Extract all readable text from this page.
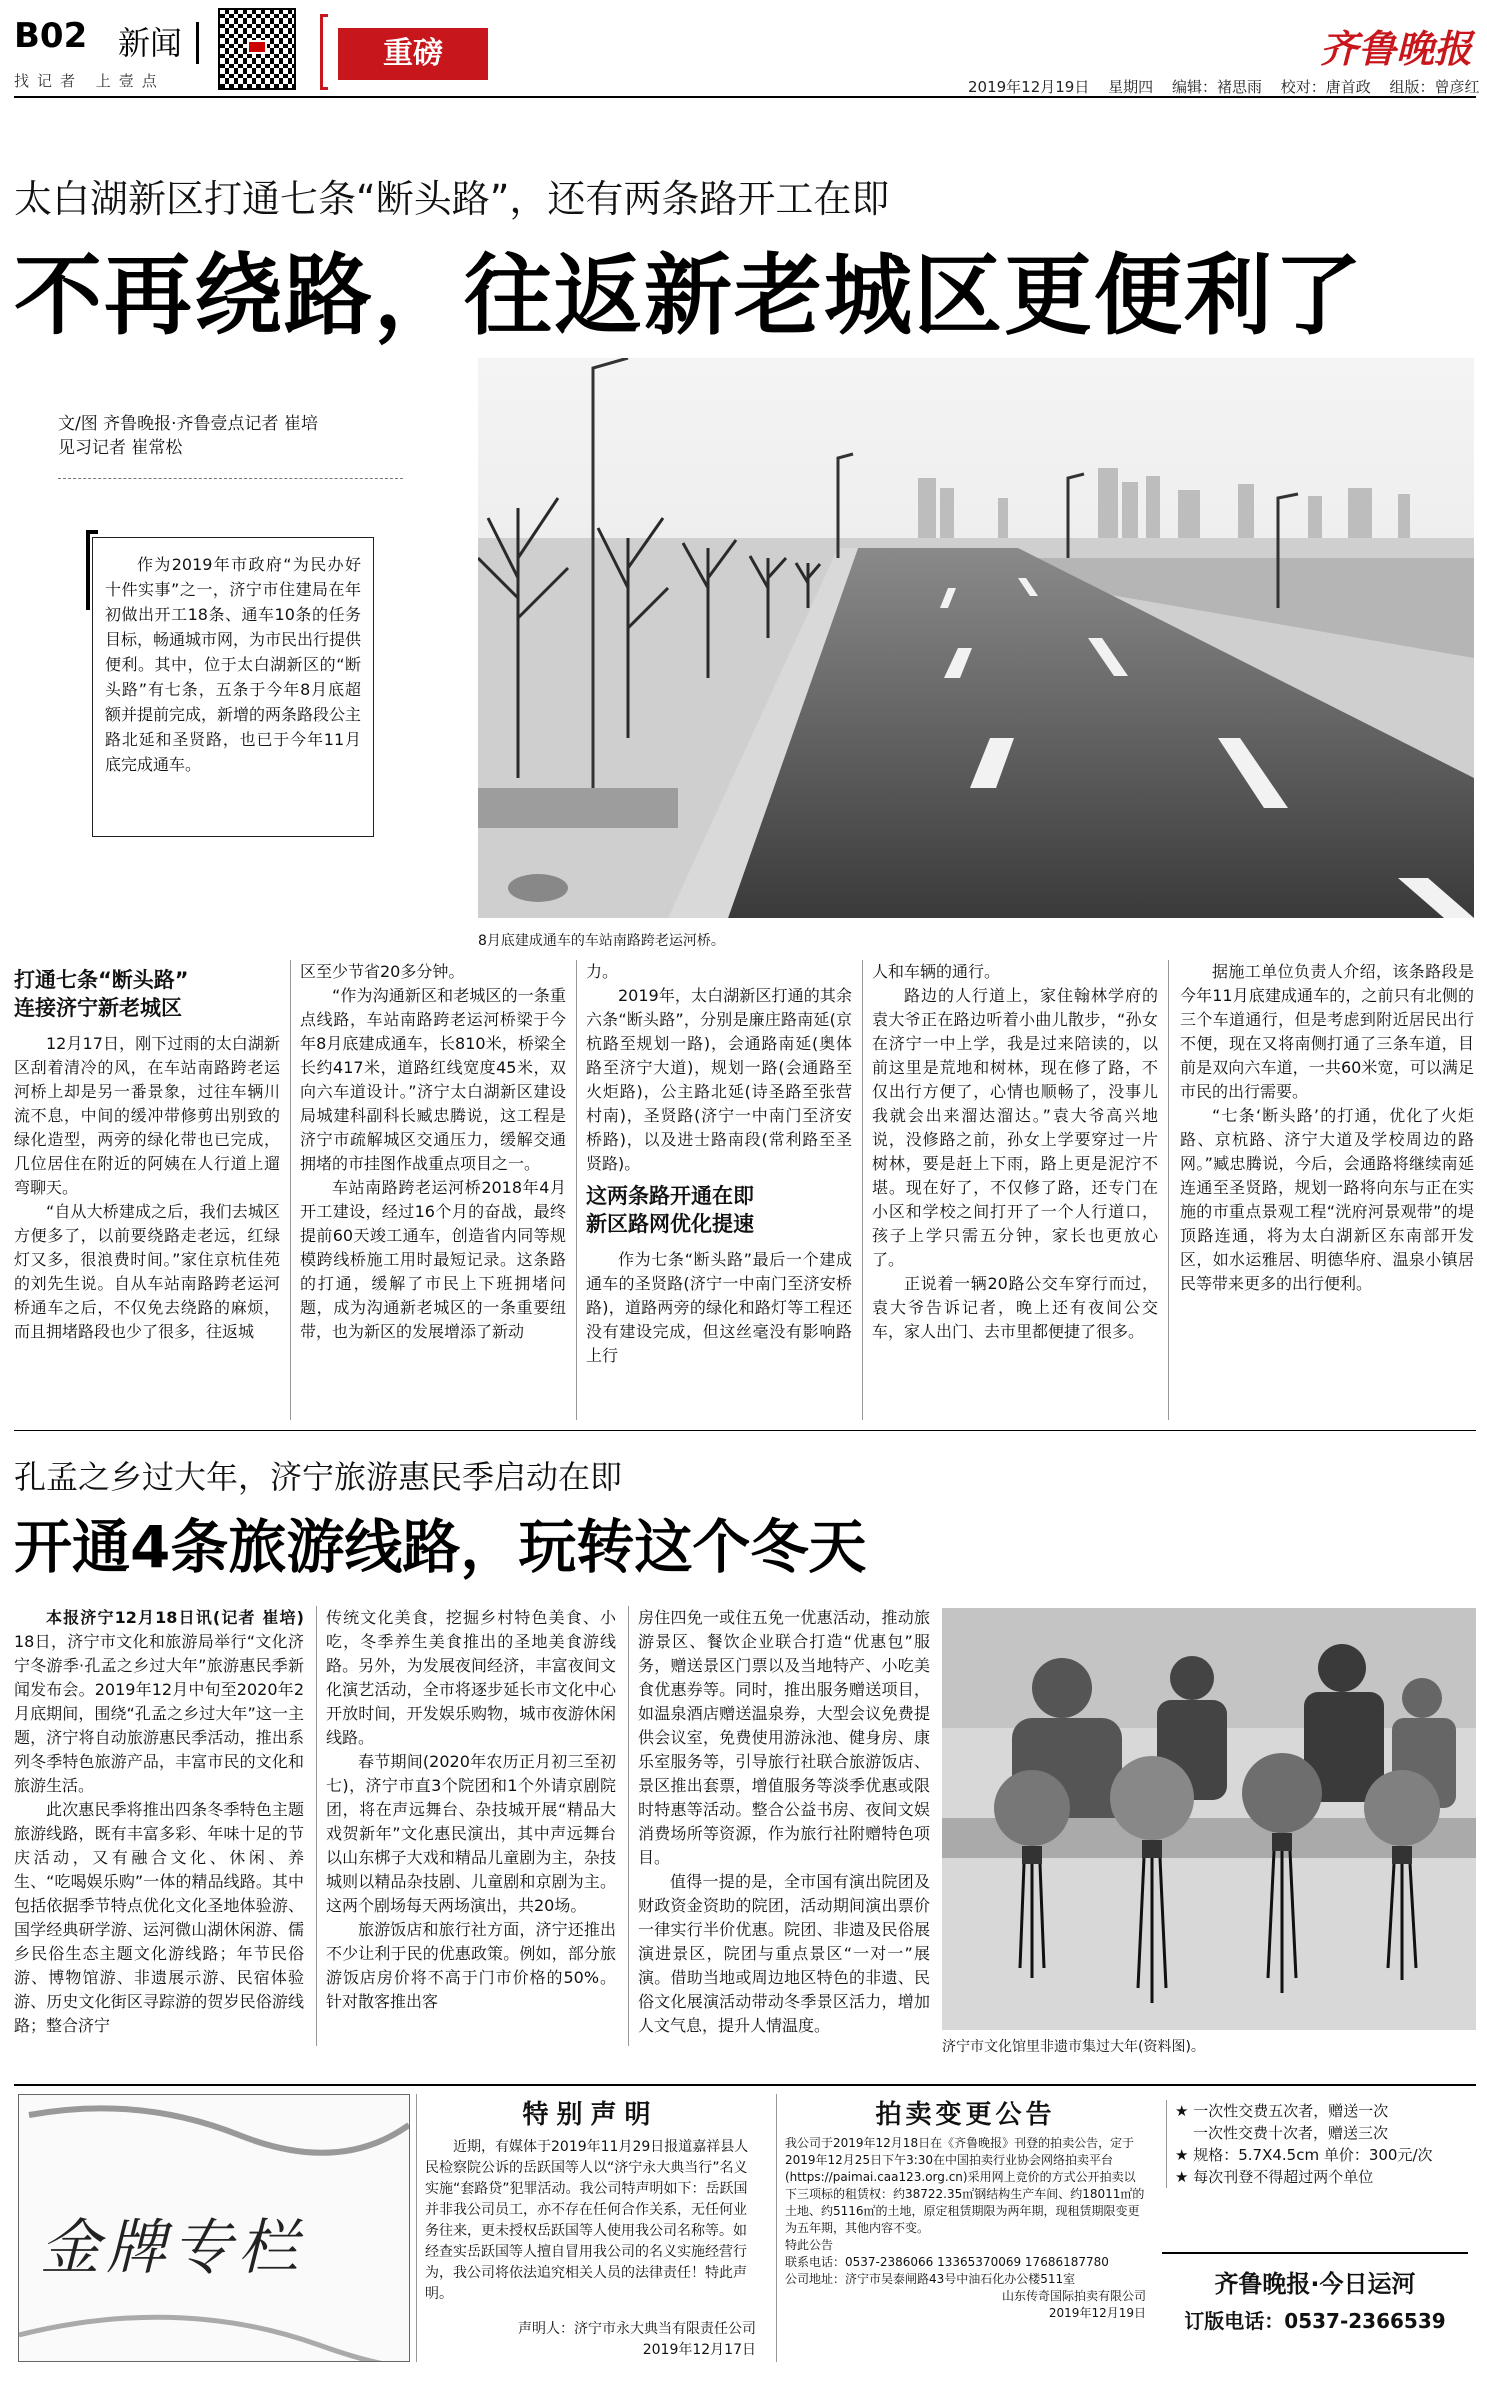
B02 新闻
找记者 上壹点
重磅	齐鲁晚报
2019年12月19日 星期四 编辑：褚思雨 校对：唐首政 组版：曾彦红
太白湖新区打通七条“断头路”，还有两条路开工在即
不再绕路，往返新老城区更便利了
文/图 齐鲁晚报·齐鲁壹点记者 崔培
见习记者 崔常松

作为2019年市政府“为民办好十件实事”之一，济宁市住建局在年初做出开工18条、通车10条的任务目标，畅通城市网，为市民出行提供便利。其中，位于太白湖新区的“断头路”有七条，五条于今年8月底超额并提前完成，新增的两条路段公主路北延和圣贤路，也已于今年11月底完成通车。

8月底建成通车的车站南路跨老运河桥。
打通七条“断头路”
连接济宁新老城区

12月17日，刚下过雨的太白湖新区刮着清冷的风，在车站南路跨老运河桥上却是另一番景象，过往车辆川流不息，中间的缓冲带修剪出别致的绿化造型，两旁的绿化带也已完成，几位居住在附近的阿姨在人行道上遛弯聊天。

“自从大桥建成之后，我们去城区方便多了，以前要绕路走老远，红绿灯又多，很浪费时间。”家住京杭佳苑的刘先生说。自从车站南路跨老运河桥通车之后，不仅免去绕路的麻烦，而且拥堵路段也少了很多，往返城

区至少节省20多分钟。

“作为沟通新区和老城区的一条重点线路，车站南路跨老运河桥梁于今年8月底建成通车，长810米，桥梁全长约417米，道路红线宽度45米，双向六车道设计。”济宁太白湖新区建设局城建科副科长臧忠腾说，这工程是济宁市疏解城区交通压力，缓解交通拥堵的市挂图作战重点项目之一。

车站南路跨老运河桥2018年4月开工建设，经过16个月的奋战，最终提前60天竣工通车，创造省内同等规模跨线桥施工用时最短记录。这条路的打通，缓解了市民上下班拥堵问题，成为沟通新老城区的一条重要纽带，也为新区的发展增添了新动

力。

2019年，太白湖新区打通的其余六条“断头路”，分别是廉庄路南延(京杭路至规划一路)，会通路南延(奥体路至济宁大道)，规划一路(会通路至火炬路)，公主路北延(诗圣路至张营村南)，圣贤路(济宁一中南门至济安桥路)，以及进士路南段(常利路至圣贤路)。

这两条路开通在即
新区路网优化提速

作为七条“断头路”最后一个建成通车的圣贤路(济宁一中南门至济安桥路)，道路两旁的绿化和路灯等工程还没有建设完成，但这丝毫没有影响路上行

人和车辆的通行。

路边的人行道上，家住翰林学府的袁大爷正在路边听着小曲儿散步，“孙女在济宁一中上学，我是过来陪读的，以前这里是荒地和树林，现在修了路，不仅出行方便了，心情也顺畅了，没事儿我就会出来溜达溜达。”袁大爷高兴地说，没修路之前，孙女上学要穿过一片树林，要是赶上下雨，路上更是泥泞不堪。现在好了，不仅修了路，还专门在小区和学校之间打开了一个人行道口，孩子上学只需五分钟，家长也更放心了。

正说着一辆20路公交车穿行而过，袁大爷告诉记者，晚上还有夜间公交车，家人出门、去市里都便捷了很多。

据施工单位负责人介绍，该条路段是今年11月底建成通车的，之前只有北侧的三个车道通行，但是考虑到附近居民出行不便，现在又将南侧打通了三条车道，目前是双向六车道，一共60米宽，可以满足市民的出行需要。

“七条‘断头路’的打通，优化了火炬路、京杭路、济宁大道及学校周边的路网。”臧忠腾说，今后，会通路将继续南延连通至圣贤路，规划一路将向东与正在实施的市重点景观工程“洸府河景观带”的堤顶路连通，将为太白湖新区东南部开发区，如水运雅居、明德华府、温泉小镇居民等带来更多的出行便利。

孔孟之乡过大年，济宁旅游惠民季启动在即
开通4条旅游线路，玩转这个冬天

本报济宁12月18日讯(记者 崔培) 18日，济宁市文化和旅游局举行“文化济宁冬游季·孔孟之乡过大年”旅游惠民季新闻发布会。2019年12月中旬至2020年2月底期间，围绕“孔孟之乡过大年”这一主题，济宁将自动旅游惠民季活动，推出系列冬季特色旅游产品，丰富市民的文化和旅游生活。

此次惠民季将推出四条冬季特色主题旅游线路，既有丰富多彩、年味十足的节庆活动，又有融合文化、休闲、养生、“吃喝娱乐购”一体的精品线路。其中包括依据季节特点优化文化圣地体验游、国学经典研学游、运河微山湖休闲游、儒乡民俗生态主题文化游线路；年节民俗游、博物馆游、非遗展示游、民宿体验游、历史文化街区寻踪游的贺岁民俗游线路；整合济宁

传统文化美食，挖掘乡村特色美食、小吃，冬季养生美食推出的圣地美食游线路。另外，为发展夜间经济，丰富夜间文化演艺活动，全市将逐步延长市文化中心开放时间，开发娱乐购物，城市夜游休闲线路。

春节期间(2020年农历正月初三至初七)，济宁市直3个院团和1个外请京剧院团，将在声远舞台、杂技城开展“精品大戏贺新年”文化惠民演出，其中声远舞台以山东梆子大戏和精品儿童剧为主，杂技城则以精品杂技剧、儿童剧和京剧为主。这两个剧场每天两场演出，共20场。

旅游饭店和旅行社方面，济宁还推出不少让利于民的优惠政策。例如，部分旅游饭店房价将不高于门市价格的50%。针对散客推出客

房住四免一或住五免一优惠活动，推动旅游景区、餐饮企业联合打造“优惠包”服务，赠送景区门票以及当地特产、小吃美食优惠券等。同时，推出服务赠送项目，如温泉酒店赠送温泉券，大型会议免费提供会议室，免费使用游泳池、健身房、康乐室服务等，引导旅行社联合旅游饭店、景区推出套票，增值服务等淡季优惠或限时特惠等活动。整合公益书房、夜间文娱消费场所等资源，作为旅行社附赠特色项目。

值得一提的是，全市国有演出院团及财政资金资助的院团，活动期间演出票价一律实行半价优惠。院团、非遗及民俗展演进景区，院团与重点景区“一对一”展演。借助当地或周边地区特色的非遗、民俗文化展演活动带动冬季景区活力，增加人文气息，提升人情温度。

济宁市文化馆里非遗市集过大年(资料图)。
金牌专栏
特别声明

近期，有媒体于2019年11月29日报道嘉祥县人民检察院公诉的岳跃国等人以“济宁永大典当行”名义实施“套路贷”犯罪活动。我公司特声明如下：岳跃国并非我公司员工，亦不存在任何合作关系，无任何业务往来，更未授权岳跃国等人使用我公司名称等。如经查实岳跃国等人擅自冒用我公司的名义实施经营行为，我公司将依法追究相关人员的法律责任！特此声明。

声明人：济宁市永大典当有限责任公司
2019年12月17日
拍卖变更公告

我公司于2019年12月18日在《齐鲁晚报》刊登的拍卖公告，定于2019年12月25日下午3:30在中国拍卖行业协会网络拍卖平台(https://paimai.caa123.org.cn)采用网上竞价的方式公开拍卖以下三项标的租赁权：约38722.35㎡钢结构生产车间、约18011㎡的土地、约5116㎡的土地，原定租赁期限为两年期，现租赁期限变更为五年期，其他内容不变。

特此公告
联系电话：0537-2386066 13365370069 17686187780
公司地址：济宁市吴泰闸路43号中油石化办公楼511室
山东传奇国际拍卖有限公司
2019年12月19日
★ 一次性交费五次者，赠送一次
一次性交费十次者，赠送三次
★ 规格：5.7X4.5cm 单价：300元/次
★ 每次刊登不得超过两个单位
齐鲁晚报·今日运河
订版电话：0537-2366539
